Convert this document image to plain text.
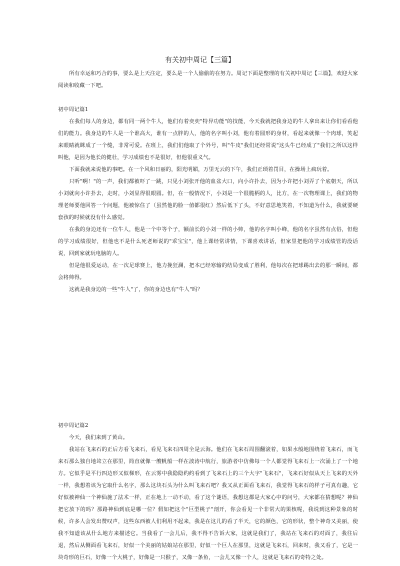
有关初中周记【三篇】

所有幸运和巧合的事，要么是上天注定，要么是一个人偷偷的在努力。周记下面是整理的有关初中周记【三篇】，欢迎大家阅读和收藏一下吧。

初中周记篇1

在我们每人的身边，都有同一两个牛人，他们有着奕奕"特异功能"的技能，今天我就把我身边的牛人拿出来让你们看看他们的能力。我身边的牛人是一个谁高大，谁有一点胖的人，他的名字叫小刘，他有着圆形的身材，看起来就像一个肉球，笑起来眼睛就眯成了一个缝，非常可爱。在班上，我们们他取了个外号，叫"牛皮"我们还经常说"这头牛已经成了"我们之所以这样叫他，是因为他长的健壮，学习成绩也不是很好，但他很重义气。

下面我就来说他的事吧。在一个风和日丽的，阳光明媚，万里无云的下午，我们正琐着罚目，在操场上疯玩着。

只听"啊！"的一声，我们都被吓了一跳，只见小刘张开他的血盆大口，向小许扑去，因为小许把小刘弄了个底朝天，所以小刘就向小许扑去，走时，小刘显得很眼圆。但，在一般情况下，小刘是一个很脆柄的人，比方，在一次物理课上，我们的物理老师要他回答一个问题，他被惊住了（虽然他的脸一值都很红）然后低下了头，不好意思地笑着，不知道为什么，我就要硬套孩的时候就没有什么感觉。

在我的身边还有一位牛人，他是一个中等个子，额前长的小刘一样的小帅，他的名字叫小峰，他的名字虽然有点俗，但他的学习成绩很好，但他也不是什么死老师说的"乖宝宝"，他上课经常讲情，下课喜欢讲话，但家里把他的学习成绩管的没话说，回到家就玩电脑的人。

但是他很爱运动，在一次足球赛上，他力挽狂澜，把本已经寒输的结局变成了胜利，他每次在把球踢出去的那一瞬间，都会将帅得。

这就是我身边的一些"牛人"了，你的身边也有"牛人"吗？

初中周记篇2

今天，我们来到了黄山。

我站在飞来石的正后方看飞来石，看见飞来石四周全是云海。他们在飞来石周围翻滚着，如果水般地围绕着飞来石，而飞来石那么独自地耸立在那里，简直就像一艘帆船一样在波涛中航行，旅游者中仿佛每一个人都觉得飞来石上一次涌上了一个地方。它似乎是平行四边形又似梯形，在云雾中我隐隐约约看到了飞来石上的三个大字"飞来石"，飞来石好似从天上飞来的天外一样，我想着该为它取什么名字，那么这块石头为什么叫飞来石吧？我又从正面看飞来石，我觉得飞来石的样子可真有趣，它好似被神仙一个神仙施了法术一样，正在地上一动不动，看了这个谜语，我想这都是大家心中的问号，大家都在猜想呢？神仙把它放下的吗？那路神仙到底是哪一位？假如把这个"巨型桃子"剖开，你会看见一个非常大的果核呢，我说到这种景象的时候，许多人会发出赞叹声，这些东西被人们利用不起来，我是在这儿的看了半天，它的颜色，它的形状，整个神奇又美丽，使我不知道该从什么地方来描述它。当我看了一会儿后，我不得不告诉大家，这就是我们了，我站在飞来石的对面了，我往后退，然后从侧面看飞来石，好似一个美丽的姑娘站在那里，好似一个巨人在那里，这就是飞来石，回来时，我又看了，它是一块奇形的巨石，好像一个大桃子，好像是一只猴子，又像一条鱼，一会儿又像一个人，这就是飞来石的奇特之处。
